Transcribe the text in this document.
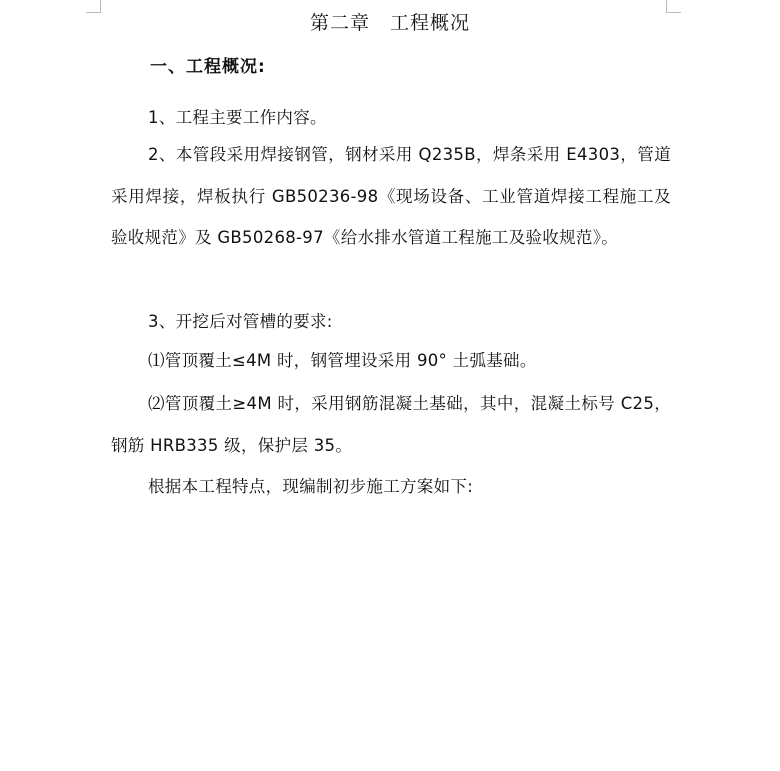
第二章 工程概况
一、工程概况:

1、工程主要工作内容。

2、本管段采用焊接钢管，钢材采用 Q235B，焊条采用 E4303，管道采用焊接，焊板执行 GB50236-98《现场设备、工业管道焊接工程施工及验收规范》及 GB50268-97《给水排水管道工程施工及验收规范》。

3、开挖后对管槽的要求:

⑴管顶覆土≤4M 时，钢管埋设采用 90° 土弧基础。

⑵管顶覆土≥4M 时，采用钢筋混凝土基础，其中，混凝土标号 C25，钢筋 HRB335 级，保护层 35。

根据本工程特点，现编制初步施工方案如下:
